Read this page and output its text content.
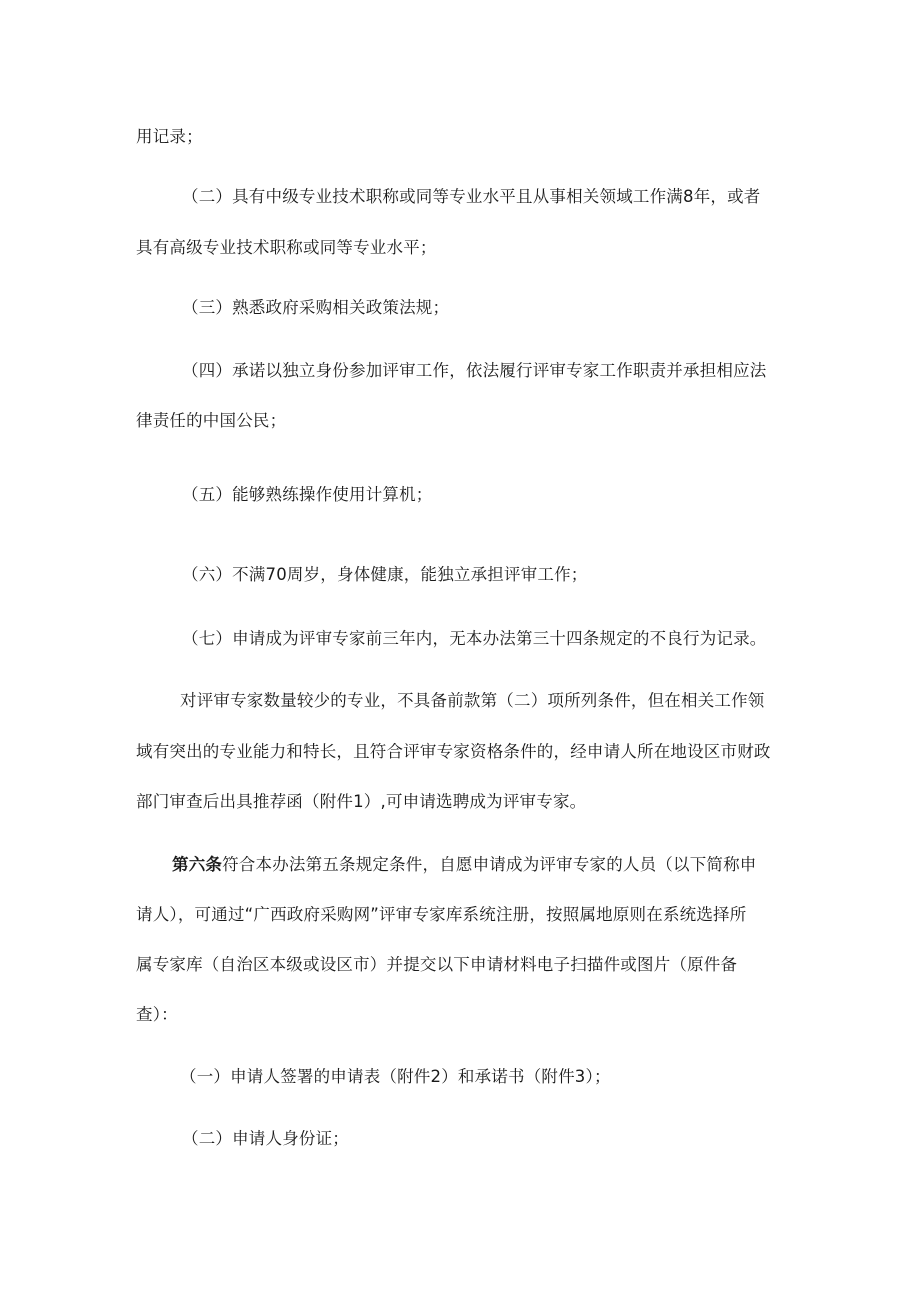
用记录；
（二）具有中级专业技术职称或同等专业水平且从事相关领域工作满8年，或者
具有高级专业技术职称或同等专业水平；
（三）熟悉政府采购相关政策法规；
（四）承诺以独立身份参加评审工作，依法履行评审专家工作职责并承担相应法
律责任的中国公民；
（五）能够熟练操作使用计算机；
（六）不满70周岁，身体健康，能独立承担评审工作；
（七）申请成为评审专家前三年内，无本办法第三十四条规定的不良行为记录。
对评审专家数量较少的专业，不具备前款第（二）项所列条件，但在相关工作领
域有突出的专业能力和特长，且符合评审专家资格条件的，经申请人所在地设区市财政
部门审查后出具推荐函（附件1）,可申请选聘成为评审专家。
第六条符合本办法第五条规定条件，自愿申请成为评审专家的人员（以下简称申
请人），可通过“广西政府采购网”评审专家库系统注册，按照属地原则在系统选择所
属专家库（自治区本级或设区市）并提交以下申请材料电子扫描件或图片（原件备
查）：
（一）申请人签署的申请表（附件2）和承诺书（附件3）；
（二）申请人身份证；
